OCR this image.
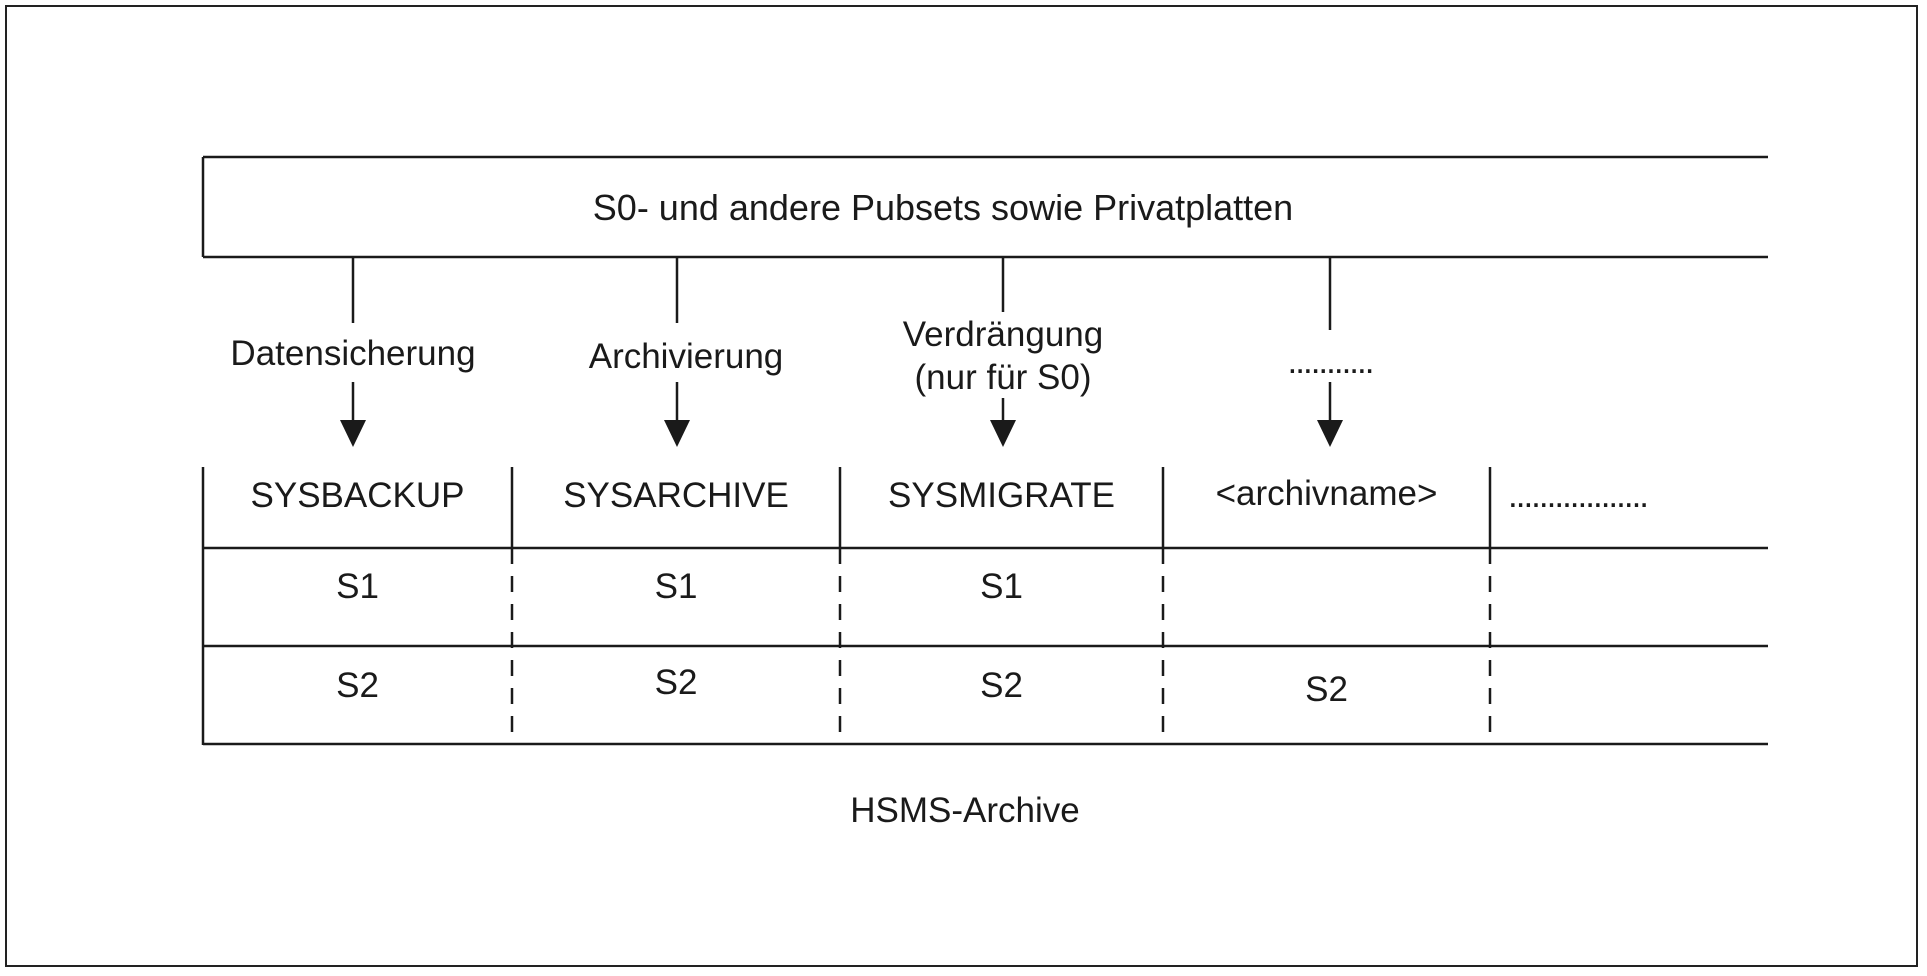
S0- und andere Pubsets sowie Privatplatten
Datensicherung	Archivierung
Verdrängung
(nur für S0)	...........
SYSBACKUP	SYSARCHIVE	SYSMIGRATE	<archivname>	..................
S1	S1	S1
S2	S2	S2	S2
HSMS-Archive
